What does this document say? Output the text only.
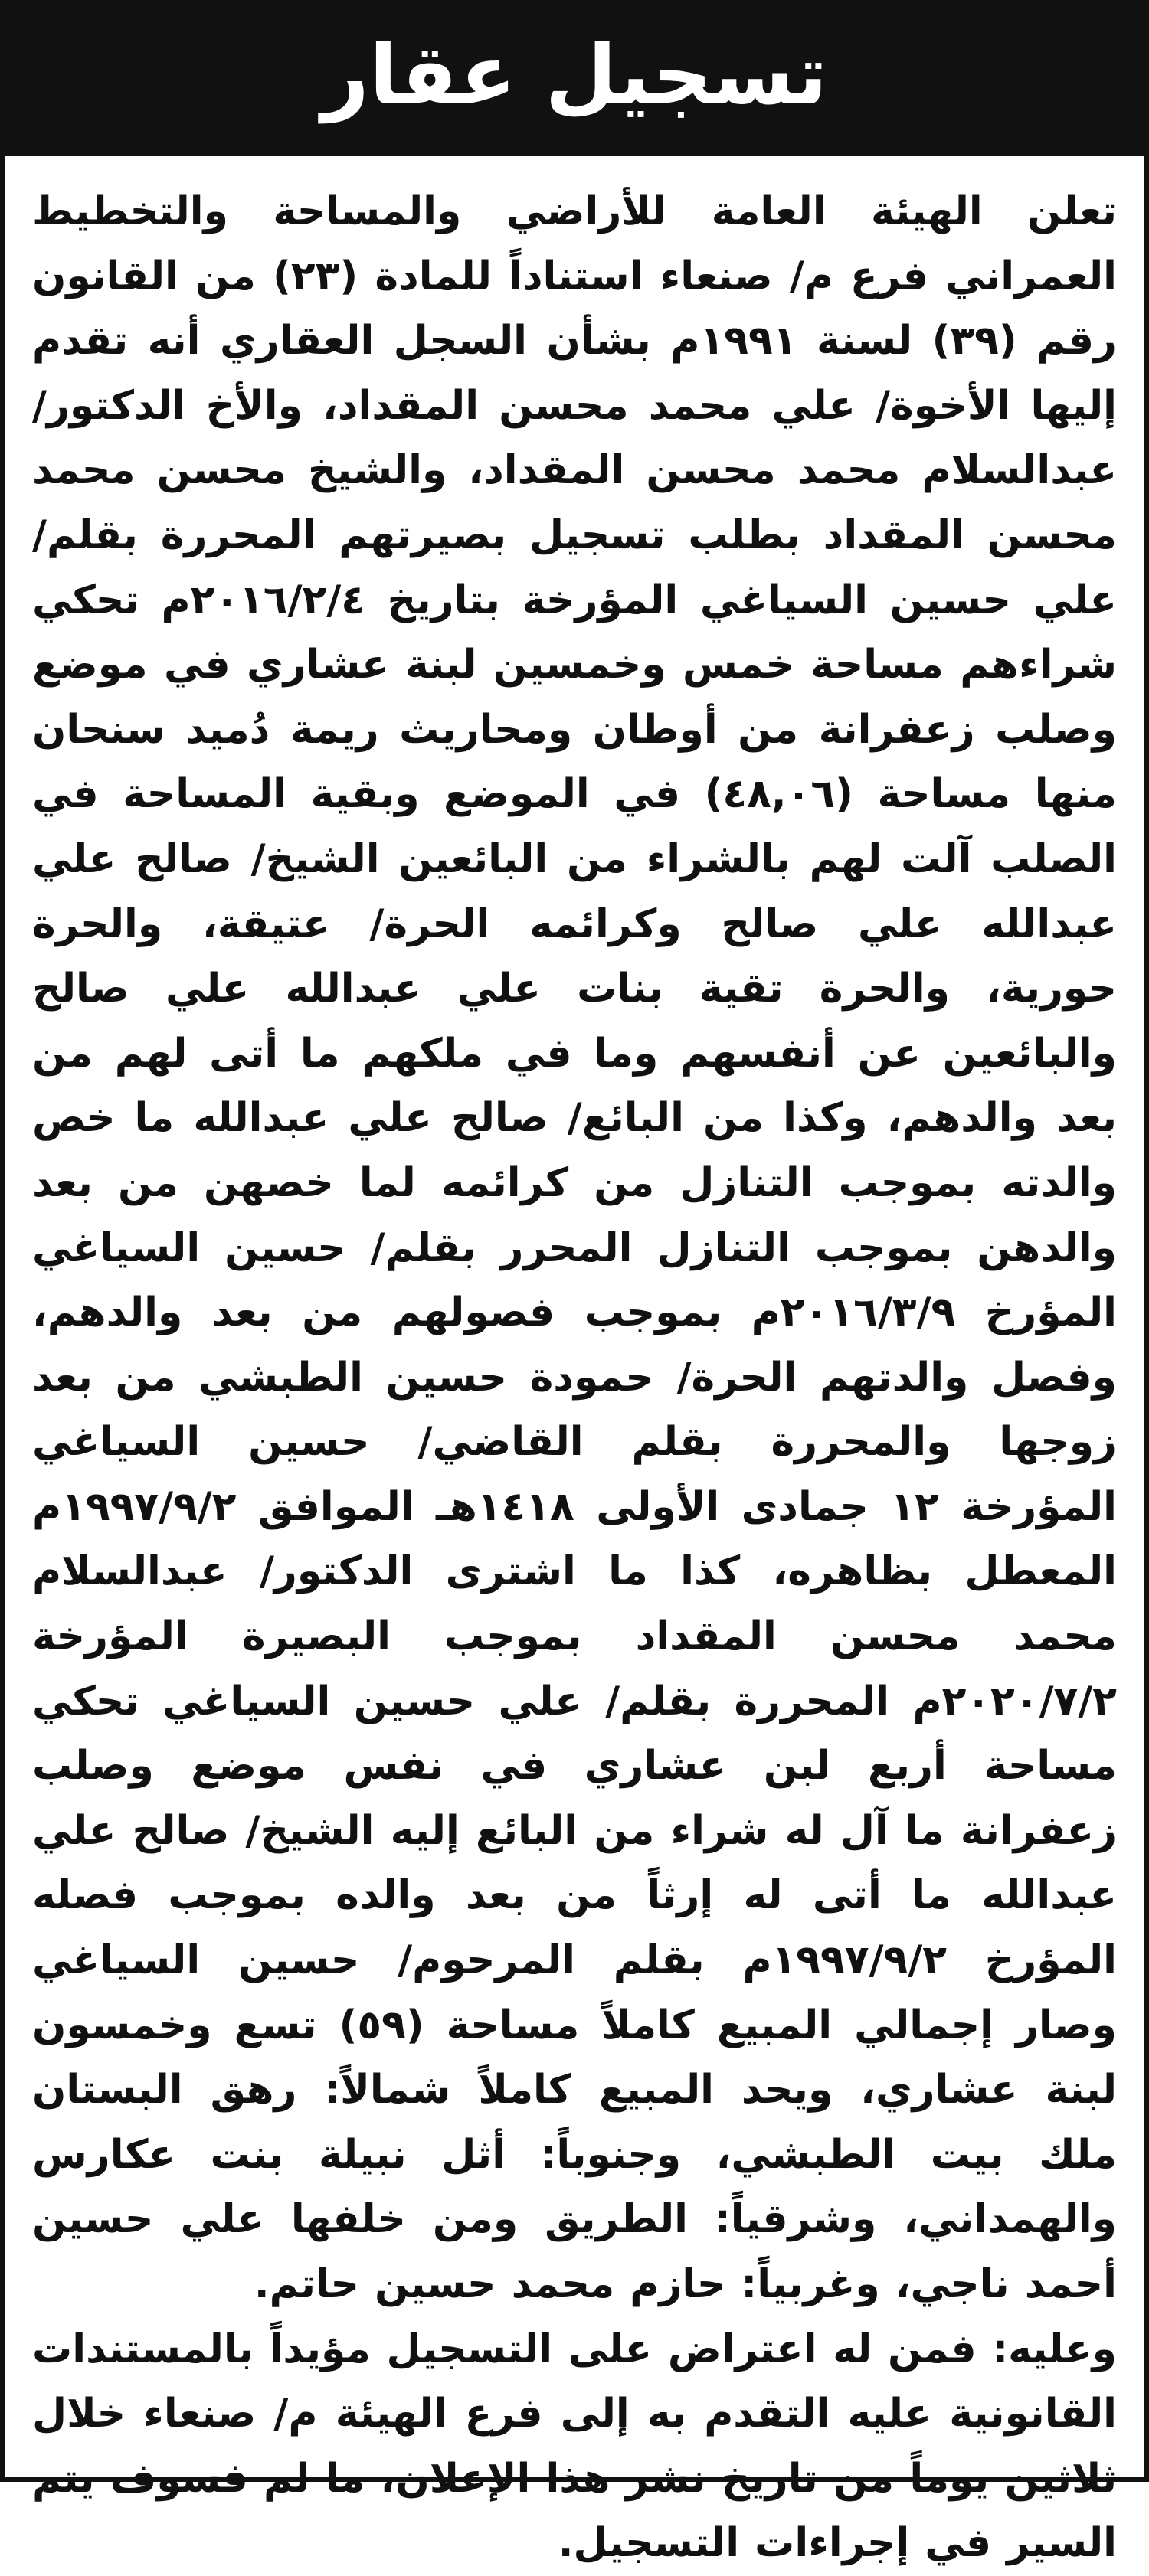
تسجيل عقار

تعلن الهيئة العامة للأراضي والمساحة والتخطيط العمراني فرع م/ صنعاء استناداً للمادة (٢٣) من القانون رقم (٣٩) لسنة ١٩٩١م بشأن السجل العقاري أنه تقدم إليها الأخوة/ علي محمد محسن المقداد، والأخ الدكتور/ عبدالسلام محمد محسن المقداد، والشيخ محسن محمد محسن المقداد بطلب تسجيل بصيرتهم المحررة بقلم/ علي حسين السياغي المؤرخة بتاريخ ٢٠١٦/٢/٤م تحكي شراءهم مساحة خمس وخمسين لبنة عشاري في موضع وصلب زعفرانة من أوطان ومحاريث ريمة دُميد سنحان منها مساحة (٤٨,٠٦) في الموضع وبقية المساحة في الصلب آلت لهم بالشراء من البائعين الشيخ/ صالح علي عبدالله علي صالح وكرائمه الحرة/ عتيقة، والحرة حورية، والحرة تقية بنات علي عبدالله علي صالح والبائعين عن أنفسهم وما في ملكهم ما أتى لهم من بعد والدهم، وكذا من البائع/ صالح علي عبدالله ما خص والدته بموجب التنازل من كرائمه لما خصهن من بعد والدهن بموجب التنازل المحرر بقلم/ حسين السياغي المؤرخ ٢٠١٦/٣/٩م بموجب فصولهم من بعد والدهم، وفصل والدتهم الحرة/ حمودة حسين الطبشي من بعد زوجها والمحررة بقلم القاضي/ حسين السياغي المؤرخة ١٢ جمادى الأولى ١٤١٨هـ الموافق ١٩٩٧/٩/٢م المعطل بظاهره، كذا ما اشترى الدكتور/ عبدالسلام محمد محسن المقداد بموجب البصيرة المؤرخة ٢٠٢٠/٧/٢م المحررة بقلم/ علي حسين السياغي تحكي مساحة أربع لبن عشاري في نفس موضع وصلب زعفرانة ما آل له شراء من البائع إليه الشيخ/ صالح علي عبدالله ما أتى له إرثاً من بعد والده بموجب فصله المؤرخ ١٩٩٧/٩/٢م بقلم المرحوم/ حسين السياغي وصار إجمالي المبيع كاملاً مساحة (٥٩) تسع وخمسون لبنة عشاري، ويحد المبيع كاملاً شمالاً: رهق البستان ملك بيت الطبشي، وجنوباً: أثل نبيلة بنت عكارس والهمداني، وشرقياً: الطريق ومن خلفها علي حسين أحمد ناجي، وغربياً: حازم محمد حسين حاتم.

وعليه: فمن له اعتراض على التسجيل مؤيداً بالمستندات القانونية عليه التقدم به إلى فرع الهيئة م/ صنعاء خلال ثلاثين يوماً من تاريخ نشر هذا الإعلان، ما لم فسوف يتم السير في إجراءات التسجيل.
